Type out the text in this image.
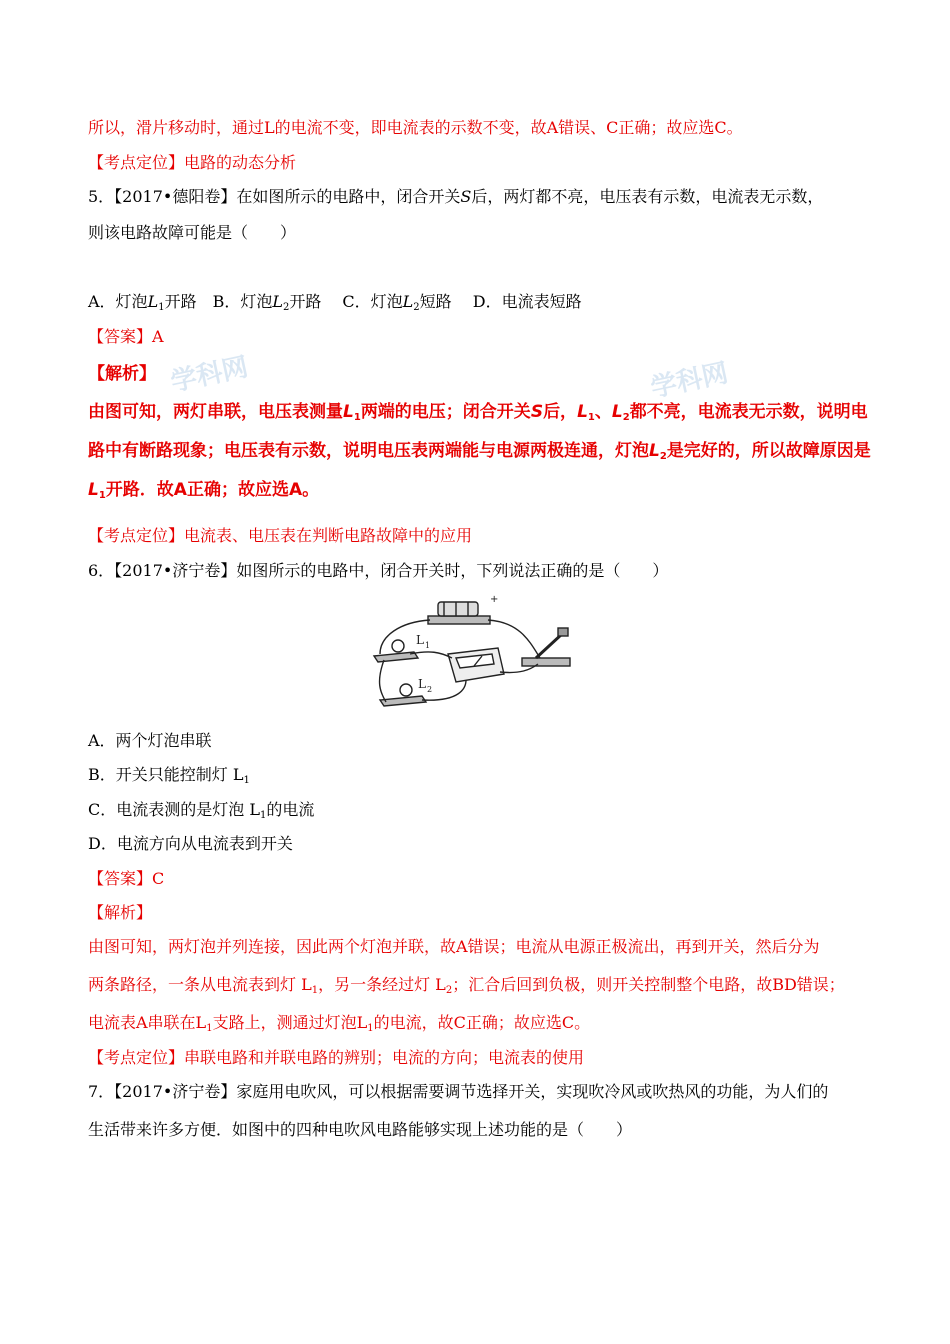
所以，滑片移动时，通过L的电流不变，即电流表的示数不变，故A错误、C正确；故应选C。
【考点定位】电路的动态分析
5．【2017•德阳卷】在如图所示的电路中，闭合开关S后，两灯都不亮，电压表有示数，电流表无示数，
则该电路故障可能是（　　）
A．灯泡$L_1$开路　B．灯泡$L_2$开路　 C．灯泡$L_2$短路　 D．电流表短路
【答案】A
【解析】
由图可知，两灯串联，电压表测量$L_1$两端的电压；闭合开关S后，$L_1$、$L_2$都不亮，电流表无示数，说明电
路中有断路现象；电压表有示数，说明电压表两端能与电源两极连通，灯泡$L_2$是完好的，所以故障原因是
$L_1$开路．故A正确；故应选A。
【考点定位】电流表、电压表在判断电路故障中的应用
6．【2017•济宁卷】如图所示的电路中，闭合开关时，下列说法正确的是（　　）
L 1
L 2
+
A．两个灯泡串联
B．开关只能控制灯 $L_1$
C．电流表测的是灯泡 $L_1$的电流
D．电流方向从电流表到开关
【答案】C
【解析】
由图可知，两灯泡并列连接，因此两个灯泡并联，故A错误；电流从电源正极流出，再到开关，然后分为
两条路径，一条从电流表到灯 $L_1$，另一条经过灯 $L_2$；汇合后回到负极，则开关控制整个电路，故BD错误；
电流表A串联在$L_1$支路上，测通过灯泡$L_1$的电流，故C正确；故应选C。
【考点定位】串联电路和并联电路的辨别；电流的方向；电流表的使用
7．【2017•济宁卷】家庭用电吹风，可以根据需要调节选择开关，实现吹冷风或吹热风的功能，为人们的
生活带来许多方便．如图中的四种电吹风电路能够实现上述功能的是（　　）
学科网	学科网
